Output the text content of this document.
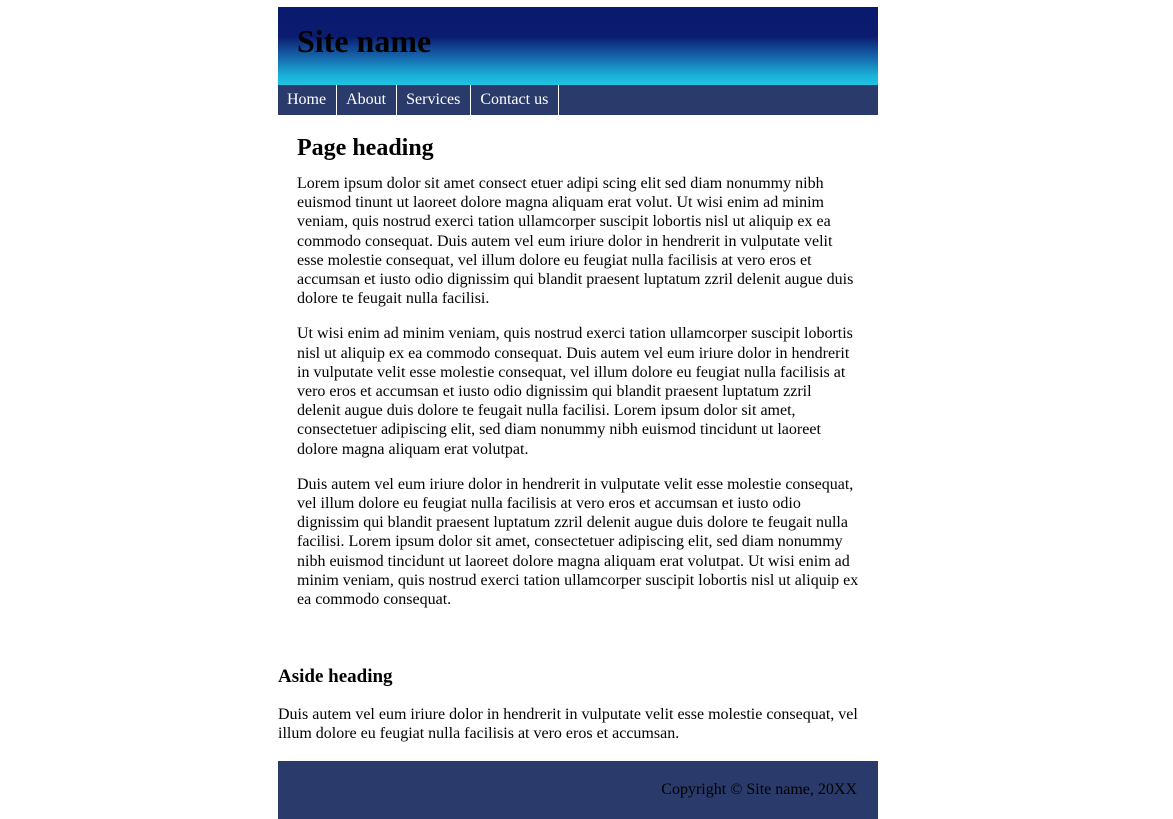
Site name
Home	About	Services	Contact us
Page heading

Lorem ipsum dolor sit amet consect etuer adipi scing elit sed diam nonummy nibh euismod tinunt ut laoreet dolore magna aliquam erat volut. Ut wisi enim ad minim veniam, quis nostrud exerci tation ullamcorper suscipit lobortis nisl ut aliquip ex ea commodo consequat. Duis autem vel eum iriure dolor in hendrerit in vulputate velit esse molestie consequat, vel illum dolore eu feugiat nulla facilisis at vero eros et accumsan et iusto odio dignissim qui blandit praesent luptatum zzril delenit augue duis dolore te feugait nulla facilisi.

Ut wisi enim ad minim veniam, quis nostrud exerci tation ullamcorper suscipit lobortis nisl ut aliquip ex ea commodo consequat. Duis autem vel eum iriure dolor in hendrerit in vulputate velit esse molestie consequat, vel illum dolore eu feugiat nulla facilisis at vero eros et accumsan et iusto odio dignissim qui blandit praesent luptatum zzril delenit augue duis dolore te feugait nulla facilisi. Lorem ipsum dolor sit amet, consectetuer adipiscing elit, sed diam nonummy nibh euismod tincidunt ut laoreet dolore magna aliquam erat volutpat.

Duis autem vel eum iriure dolor in hendrerit in vulputate velit esse molestie consequat, vel illum dolore eu feugiat nulla facilisis at vero eros et accumsan et iusto odio dignissim qui blandit praesent luptatum zzril delenit augue duis dolore te feugait nulla facilisi. Lorem ipsum dolor sit amet, consectetuer adipiscing elit, sed diam nonummy nibh euismod tincidunt ut laoreet dolore magna aliquam erat volutpat. Ut wisi enim ad minim veniam, quis nostrud exerci tation ullamcorper suscipit lobortis nisl ut aliquip ex ea commodo consequat.

Aside heading

Duis autem vel eum iriure dolor in hendrerit in vulputate velit esse molestie consequat, vel illum dolore eu feugiat nulla facilisis at vero eros et accumsan.

Copyright © Site name, 20XX
